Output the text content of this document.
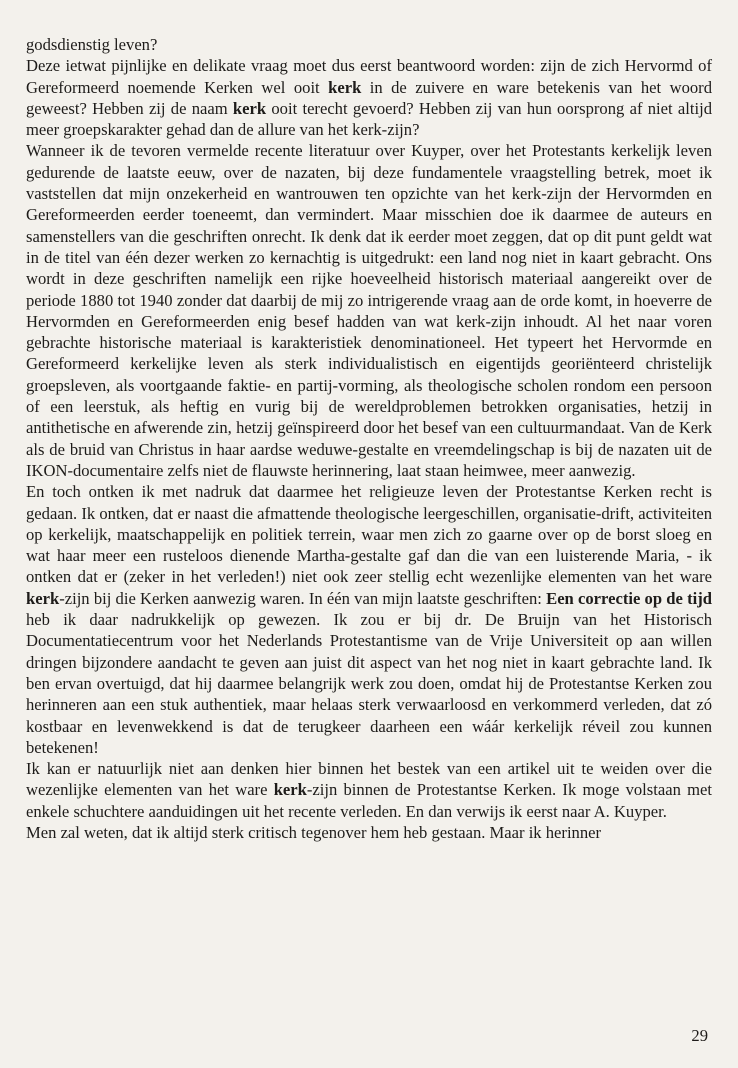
godsdienstig leven?

Deze ietwat pijnlijke en delikate vraag moet dus eerst beantwoord worden: zijn de zich Hervormd of Gereformeerd noemende Kerken wel ooit kerk in de zuivere en ware betekenis van het woord geweest? Hebben zij de naam kerk ooit terecht gevoerd? Hebben zij van hun oorsprong af niet altijd meer groepskarakter gehad dan de allure van het kerk-zijn?

Wanneer ik de tevoren vermelde recente literatuur over Kuyper, over het Protestants kerkelijk leven gedurende de laatste eeuw, over de nazaten, bij deze fundamentele vraagstelling betrek, moet ik vaststellen dat mijn onzekerheid en wantrouwen ten opzichte van het kerk-zijn der Hervormden en Gereformeerden eerder toeneemt, dan vermindert. Maar misschien doe ik daarmee de auteurs en samenstellers van die geschriften onrecht. Ik denk dat ik eerder moet zeggen, dat op dit punt geldt wat in de titel van één dezer werken zo kernachtig is uitgedrukt: een land nog niet in kaart gebracht. Ons wordt in deze geschriften namelijk een rijke hoeveelheid historisch materiaal aangereikt over de periode 1880 tot 1940 zonder dat daarbij de mij zo intrigerende vraag aan de orde komt, in hoeverre de Hervormden en Gereformeerden enig besef hadden van wat kerk-zijn inhoudt. Al het naar voren gebrachte historische materiaal is karakteristiek denominationeel. Het typeert het Hervormde en Gereformeerd kerkelijke leven als sterk individualistisch en eigentijds georiënteerd christelijk groepsleven, als voortgaande faktie- en partij-vorming, als theologische scholen rondom een persoon of een leerstuk, als heftig en vurig bij de wereldproblemen betrokken organisaties, hetzij in antithetische en afwerende zin, hetzij geïnspireerd door het besef van een cultuurmandaat. Van de Kerk als de bruid van Christus in haar aardse weduwe-gestalte en vreemdelingschap is bij de nazaten uit de IKON-documentaire zelfs niet de flauwste herinnering, laat staan heimwee, meer aanwezig.

En toch ontken ik met nadruk dat daarmee het religieuze leven der Protestantse Kerken recht is gedaan. Ik ontken, dat er naast die afmattende theologische leergeschillen, organisatie-drift, activiteiten op kerkelijk, maatschappelijk en politiek terrein, waar men zich zo gaarne over op de borst sloeg en wat haar meer een rusteloos dienende Martha-gestalte gaf dan die van een luisterende Maria, - ik ontken dat er (zeker in het verleden!) niet ook zeer stellig echt wezenlijke elementen van het ware kerk-zijn bij die Kerken aanwezig waren. In één van mijn laatste geschriften: Een correctie op de tijd heb ik daar nadrukkelijk op gewezen. Ik zou er bij dr. De Bruijn van het Historisch Documentatiecentrum voor het Nederlands Protestantisme van de Vrije Universiteit op aan willen dringen bijzondere aandacht te geven aan juist dit aspect van het nog niet in kaart gebrachte land. Ik ben ervan overtuigd, dat hij daarmee belangrijk werk zou doen, omdat hij de Protestantse Kerken zou herinneren aan een stuk authentiek, maar helaas sterk verwaarloosd en verkommerd verleden, dat zó kostbaar en levenwekkend is dat de terugkeer daarheen een wáár kerkelijk réveil zou kunnen betekenen!

Ik kan er natuurlijk niet aan denken hier binnen het bestek van een artikel uit te weiden over die wezenlijke elementen van het ware kerk-zijn binnen de Protestantse Kerken. Ik moge volstaan met enkele schuchtere aanduidingen uit het recente verleden. En dan verwijs ik eerst naar A. Kuyper.

Men zal weten, dat ik altijd sterk critisch tegenover hem heb gestaan. Maar ik herinner

29
